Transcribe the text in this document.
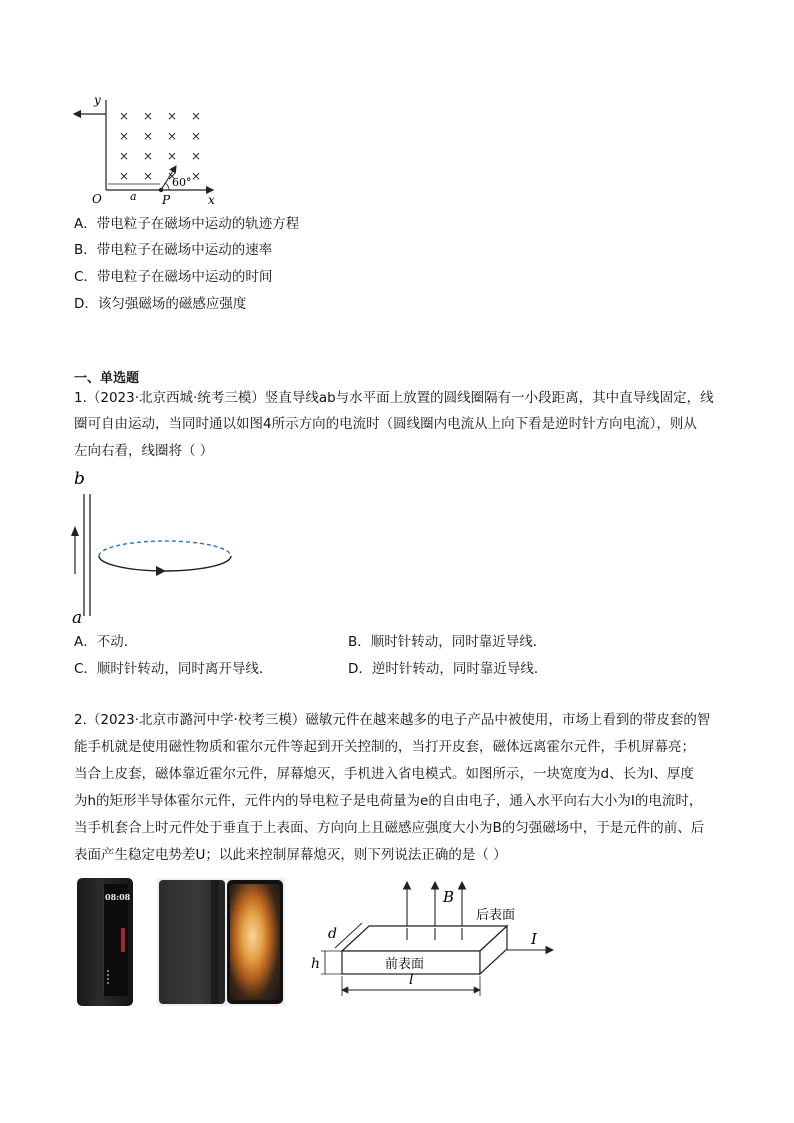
y
x
O	a P
60°
× × × ×
× × × ×
× × × ×
× × × ×
A．带电粒子在磁场中运动的轨迹方程
B．带电粒子在磁场中运动的速率
C．带电粒子在磁场中运动的时间
D．该匀强磁场的磁感应强度
一、单选题
1.（2023·北京西城·统考三模）竖直导线ab与水平面上放置的圆线圈隔有一小段距离，其中直导线固定，线
圈可自由运动，当同时通以如图4所示方向的电流时（圆线圈内电流从上向下看是逆时针方向电流），则从
左向右看，线圈将（ ）
b
a
A．不动．	B．顺时针转动，同时靠近导线．
C．顺时针转动，同时离开导线．	D．逆时针转动，同时靠近导线．
2.（2023·北京市潞河中学·校考三模）磁敏元件在越来越多的电子产品中被使用，市场上看到的带皮套的智
能手机就是使用磁性物质和霍尔元件等起到开关控制的，当打开皮套，磁体远离霍尔元件，手机屏幕亮；
当合上皮套，磁体靠近霍尔元件，屏幕熄灭，手机进入省电模式。如图所示，一块宽度为d、长为l、厚度
为h的矩形半导体霍尔元件，元件内的导电粒子是电荷量为e的自由电子，通入水平向右大小为I的电流时，
当手机套合上时元件处于垂直于上表面、方向向上且磁感应强度大小为B的匀强磁场中，于是元件的前、后
表面产生稳定电势差U；以此来控制屏幕熄灭，则下列说法正确的是（ ）
08:08	B
后表面
前表面
I
d
h
l
